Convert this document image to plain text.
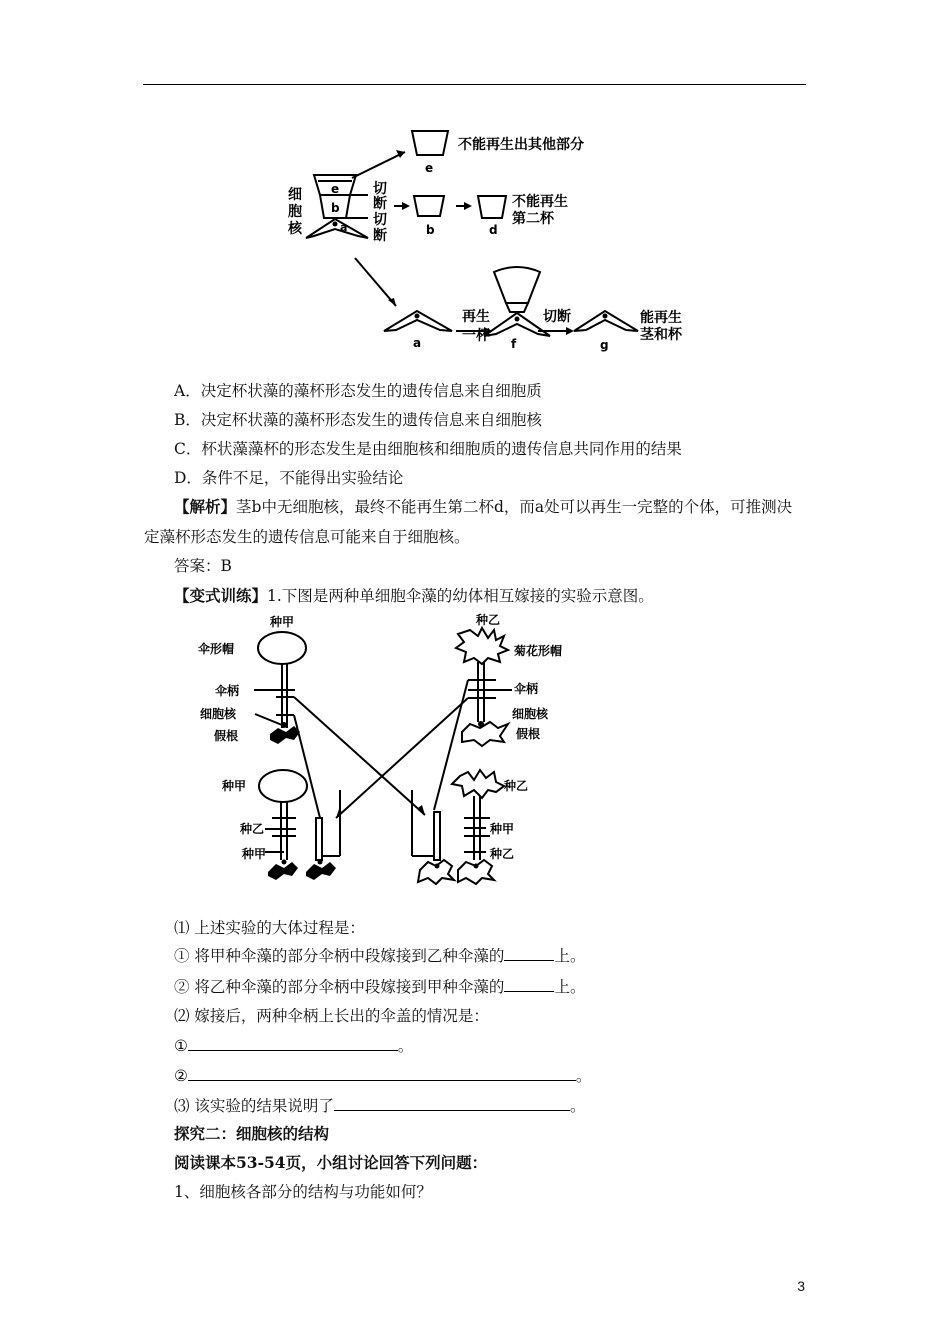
e
b
a
e
b	d
a	f	g
细
胞
核
切
断
切
断
不能再生出其他部分
不能再生
第二杯
再生
一杯
切断	能再生
茎和杯
A．决定杯状藻的藻杯形态发生的遗传信息来自细胞质
B．决定杯状藻的藻杯形态发生的遗传信息来自细胞核
C．杯状藻藻杯的形态发生是由细胞核和细胞质的遗传信息共同作用的结果
D．条件不足，不能得出实验结论
【解析】茎b中无细胞核，最终不能再生第二杯d，而a处可以再生一完整的个体，可推测决定藻杯形态发生的遗传信息可能来自于细胞核。
答案：B
【变式训练】1.下图是两种单细胞伞藻的幼体相互嫁接的实验示意图。
种甲
伞形帽
伞柄
细胞核
假根
种乙
菊花形帽
伞柄
细胞核
假根
种甲
种乙
种甲
种乙
种甲
种乙
⑴ 上述实验的大体过程是：
① 将甲种伞藻的部分伞柄中段嫁接到乙种伞藻的	上。
② 将乙种伞藻的部分伞柄中段嫁接到甲种伞藻的	上。
⑵ 嫁接后，两种伞柄上长出的伞盖的情况是：
①	。
②	。
⑶ 该实验的结果说明了	。
探究二：细胞核的结构
阅读课本53-54页，小组讨论回答下列问题：
1、细胞核各部分的结构与功能如何？
3
